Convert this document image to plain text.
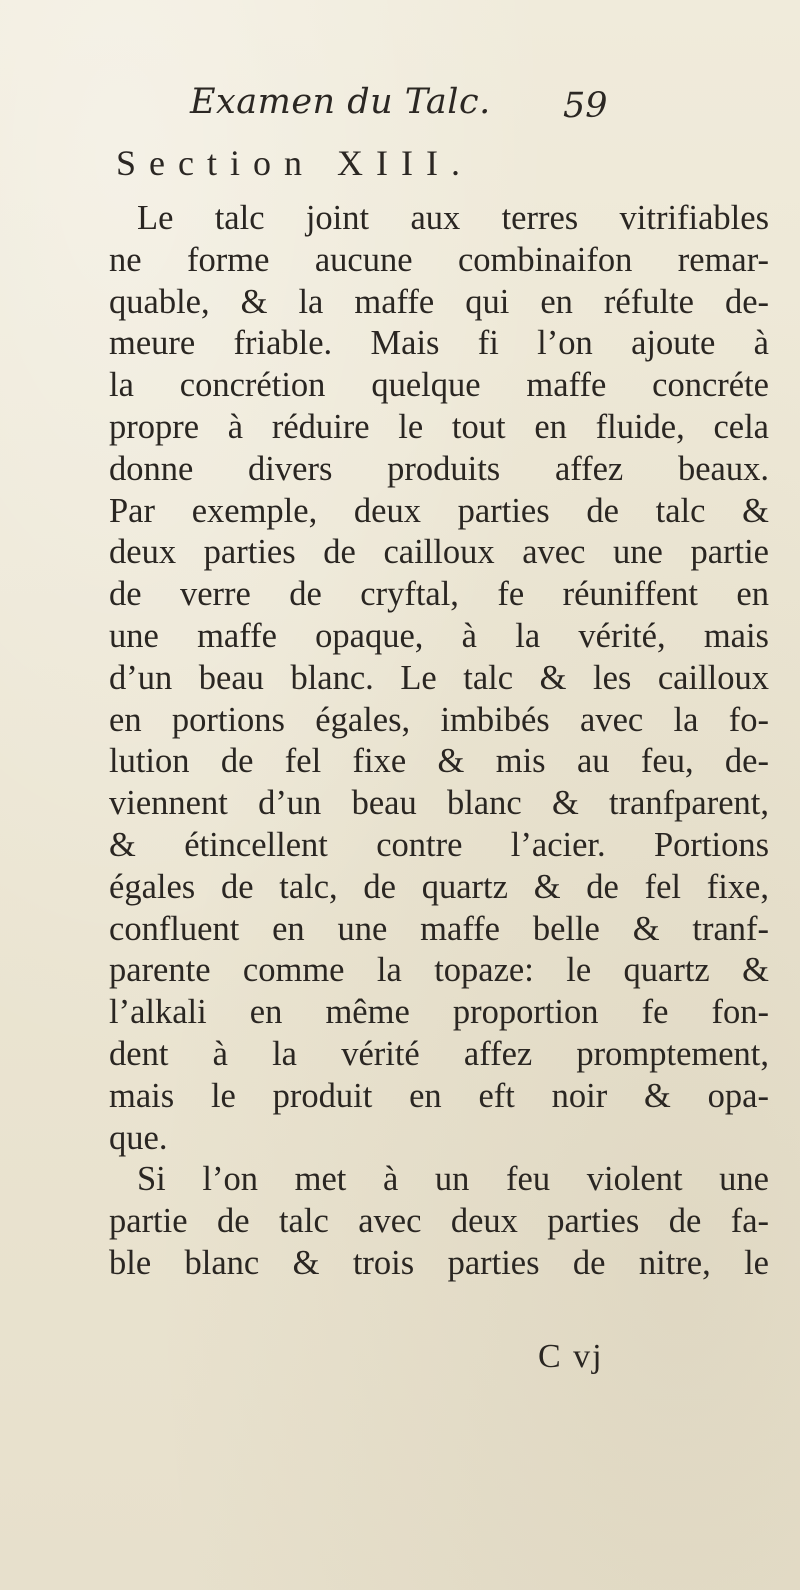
Examen du Talc. 59
Section XIII.
Le talc joint aux terres vitrifiables
ne forme aucune combinaifon remar-
quable, & la maffe qui en réfulte de-
meure friable. Mais fi l’on ajoute à
la concrétion quelque maffe concréte
propre à réduire le tout en fluide, cela
donne divers produits affez beaux.
Par exemple, deux parties de talc &
deux parties de cailloux avec une partie
de verre de cryftal, fe réuniffent en
une maffe opaque, à la vérité, mais
d’un beau blanc. Le talc & les cailloux
en portions égales, imbibés avec la fo-
lution de fel fixe & mis au feu, de-
viennent d’un beau blanc & tranfparent,
& étincellent contre l’acier. Portions
égales de talc, de quartz & de fel fixe,
confluent en une maffe belle & tranf-
parente comme la topaze: le quartz &
l’alkali en même proportion fe fon-
dent à la vérité affez promptement,
mais le produit en eft noir & opa-
que.
Si l’on met à un feu violent une
partie de talc avec deux parties de fa-
ble blanc & trois parties de nitre, le
C vj
